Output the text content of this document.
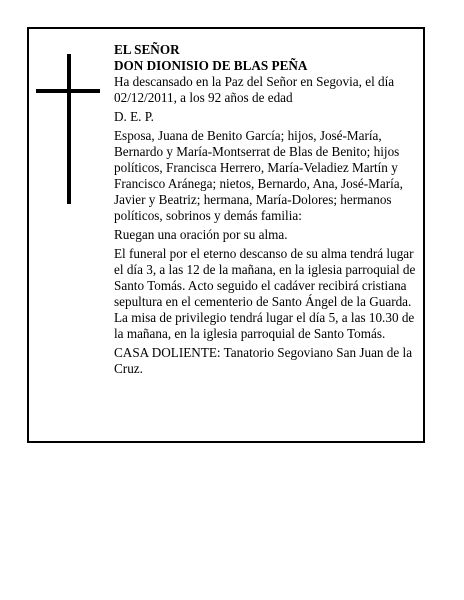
EL SEÑOR
DON DIONISIO DE BLAS PEÑA

Ha descansado en la Paz del Señor en Segovia, el día 02/12/2011, a los 92 años de edad

D. E. P.

Esposa, Juana de Benito García; hijos, José-María, Bernardo y María-Montserrat de Blas de Benito; hijos políticos, Francisca Herrero, María-Veladiez Martín y Francisco Aránega; nietos, Bernardo, Ana, José-María, Javier y Beatriz; hermana, María-Dolores; hermanos políticos, sobrinos y demás familia:

Ruegan una oración por su alma.

El funeral por el eterno descanso de su alma tendrá lugar el día 3, a las 12 de la mañana, en la iglesia parroquial de Santo Tomás. Acto seguido el cadáver recibirá cristiana sepultura en el cementerio de Santo Ángel de la Guarda. La misa de privilegio tendrá lugar el día 5, a las 10.30 de la mañana, en la iglesia parroquial de Santo Tomás.

CASA DOLIENTE: Tanatorio Segoviano San Juan de la Cruz.
